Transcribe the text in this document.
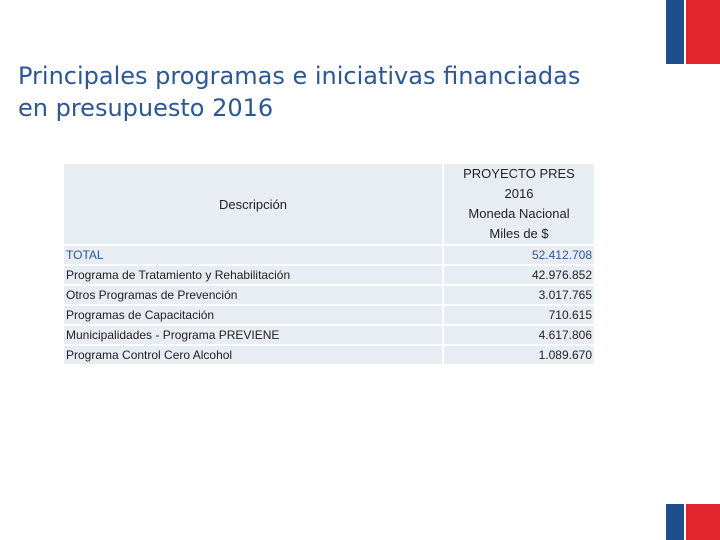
Principales programas e iniciativas financiadas
en presupuesto 2016
Descripción	PROYECTO PRES 2016
Moneda Nacional
Miles de $
TOTAL	52.412.708
Programa de Tratamiento y Rehabilitación	42.976.852
Otros Programas de Prevención	3.017.765
Programas de Capacitación	710.615
Municipalidades - Programa PREVIENE	4.617.806
Programa Control Cero Alcohol	1.089.670
